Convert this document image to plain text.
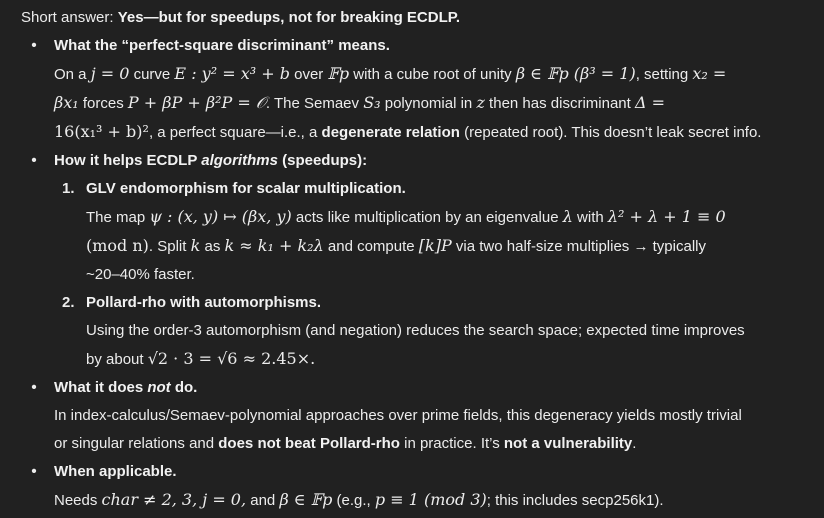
Short answer: Yes—but for speedups, not for breaking ECDLP.

• What the “perfect-square discriminant” means.
On a j = 0 curve E : y² = x³ + b over 𝔽p with a cube root of unity β ∈ 𝔽p (β³ = 1), setting x₂ =
βx₁ forces P + βP + β²P = 𝒪. The Semaev S₃ polynomial in z then has discriminant Δ =
16(x₁³ + b)², a perfect square—i.e., a degenerate relation (repeated root). This doesn’t leak secret info.
• How it helps ECDLP algorithms (speedups):
1. GLV endomorphism for scalar multiplication.
The map ψ : (x, y) ↦ (βx, y) acts like multiplication by an eigenvalue λ with λ² + λ + 1 ≡ 0
(mod n). Split k as k ≈ k₁ + k₂λ and compute [k]P via two half-size multiplies → typically
~20–40% faster.
2. Pollard-rho with automorphisms.
Using the order-3 automorphism (and negation) reduces the search space; expected time improves
by about √2 · 3 = √6 ≈ 2.45×.
• What it does not do.
In index-calculus/Semaev-polynomial approaches over prime fields, this degeneracy yields mostly trivial
or singular relations and does not beat Pollard-rho in practice. It’s not a vulnerability.
• When applicable.
Needs char ≠ 2, 3, j = 0, and β ∈ 𝔽p (e.g., p ≡ 1 (mod 3); this includes secp256k1).
